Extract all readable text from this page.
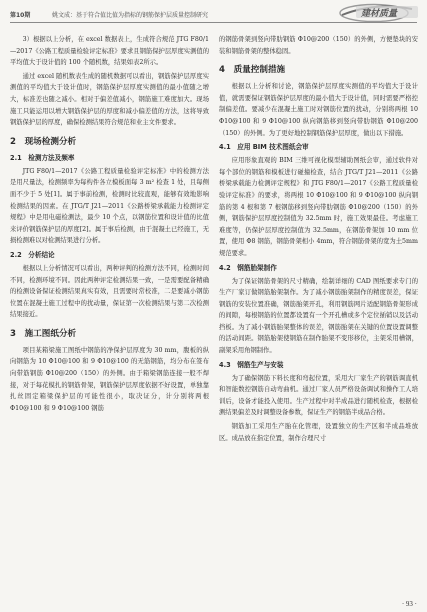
第10期	姚文成：基于符合值比值为指标的钢筋保护层质量控制研究	建材质量

3）根据以上分析，在 excel 数据表上，生成符合规范 JTG F80/1—2017《公路工程质量检验评定标准》要求且钢筋保护层厚度实测值的平均值大于设计值的 100 个随机数，结果如表2所示。

通过 excel 随机数表生成的随机数据可以看出，钢筋保护层厚度实测值的平均值大于设计值时，钢筋保护层厚度实测值的最小值随之增大，标准差也随之减小。相对于偏差值减小，钢筋施工难度加大。现场施工只能运用以增大钢筋保护层的厚度和减小偏差值的方法，这将导致钢筋保护层的厚度，确保检测结果符合规范和业主文件要求。

2　现场检测分析
2.1　检测方法及频率

JTG F80/1—2017《公路工程质量检验评定标准》中的检测方法是用尺量法，检测频率为每构件各立模板面每 3 m² 检查 1 处，且每侧面不少于 5 处[1]。属于事前检测，检测时比较直观，能够有效地影响检测结果的因素。在 JTG/T J21—2011《公路桥梁承载能力检测评定规程》中是用电磁检测法，最少 10 个点，以钢筋位置和设计值的比值来评价钢筋保护层的厚度[2]。属于事后检测，由于混凝土已经施工，无损检测难以对检测结果进行分析。

2.2　分析结论

根据以上分析情况可以看出，两种评判的检测方法不同，检测时间不同，检测环境不同。因此两种评定检测结果一致，一是需要配备精确的检测设备保证检测结果真实有效，且需要时常校准，二是要减小钢筋位置在混凝土施工过程中的扰动量，保证第一次检测结果与第二次检测结果接近。

3　施工图纸分析

项目某箱梁施工图纸中钢筋的净保护层厚度为 30 mm，腹板的纵向钢筋为 10 Φ10@100 和 9 Φ10@100 的无筋钢筋，均分布在签布向带筋钢筋 Φ10@200（150）的外侧。由于箱梁钢筋连接一般不焊接，对于每花模扎的钢筋骨架，钢筋保护层厚度依据不好设置，单独靠扎丝固定箱梁保护层的可能性很小，取决证分，计分别将两根 Φ10@100 和 9 Φ10@100 钢筋

的钢筋骨架到竖向带肋钢筋 Φ10@200（150）的外侧，方便垫块的安装和钢筋骨架的整体稳固。

4　质量控制措施

根据以上分析和讨论，钢筋保护层厚度实测值的平均值大于设计值，就需要保证钢筋保护层厚度的最小值大于设计值，同时需要严格控制偏差值。要减少在混凝土施工时对钢筋位置的扰动，分别将两根 10 Φ10@100 和 9 Φ10@100 纵向钢筋移到竖向带肋钢筋 Φ10@200（150）的外侧。为了更好地控制钢筋保护层厚度，做出以下措施。

4.1　应用 BIM 技术图纸会审

应用形象直观的 BIM 三维可视化模型辅助图纸会审，通过软件对每个部位的钢筋和模板进行碰撞检查，结合 JTG/T J21—2011《公路桥梁承载能力检测评定规程》和 JTG F80/1—2017《公路工程质量检验评定标准》的要求，将两根 10 Φ10@100 和 9 Φ10@100 纵向钢筋的第 4 根和第 7 根钢筋移到竖向带肋钢筋 Φ10@200（150）的外侧，钢筋保护层厚度控制值为 32.5mm 时，施工效果最佳。考虑施工难度等，仍保护层厚度控制值为 32.5mm，在钢筋骨架加 10 mm 位置，使用 Φ8 钢筋，钢筋骨架相小 4mm，符合钢筋骨架的宽为土5mm 规范要求。

4.2　钢筋胎架制作

为了保证钢筋骨架的尺寸精确，绘制详细的 CAD 图纸要求专门的生产厂家订做钢筋胎架制作。为了减小钢筋胎架制作的精度误差，保证钢筋的安装位置准确，钢筋胎架开孔，利用钢筋网片适配钢筋骨架形成的间隙，每根钢筋的位置都设置有一个开孔槽或多个定位插销以及活动挡板。为了减小钢筋胎架整体的误差，钢筋胎架在关键的位置设置调整的活动间距。钢筋胎架使钢筋在制作胎架不变形移位，主架采用槽钢，副架采用角钢制作。

4.3　钢筋生产与安装

为了确保钢筋下料长度和弯起位置，采用大厂家生产的钢筋调直机和智能数控钢筋自动弯曲机。通过厂家人员严格设备调试和操作工人培训后，设备才能投入使用。生产过程中对半成品进行随机检查，根据检测结果偏差及时调整设备参数，保证生产的钢筋半成品合格。

钢筋加工采用生产胎在化管理，设置独立的生产区和半成品堆放区。成品放在指定位置，制作合理尺寸

· 93 ·
